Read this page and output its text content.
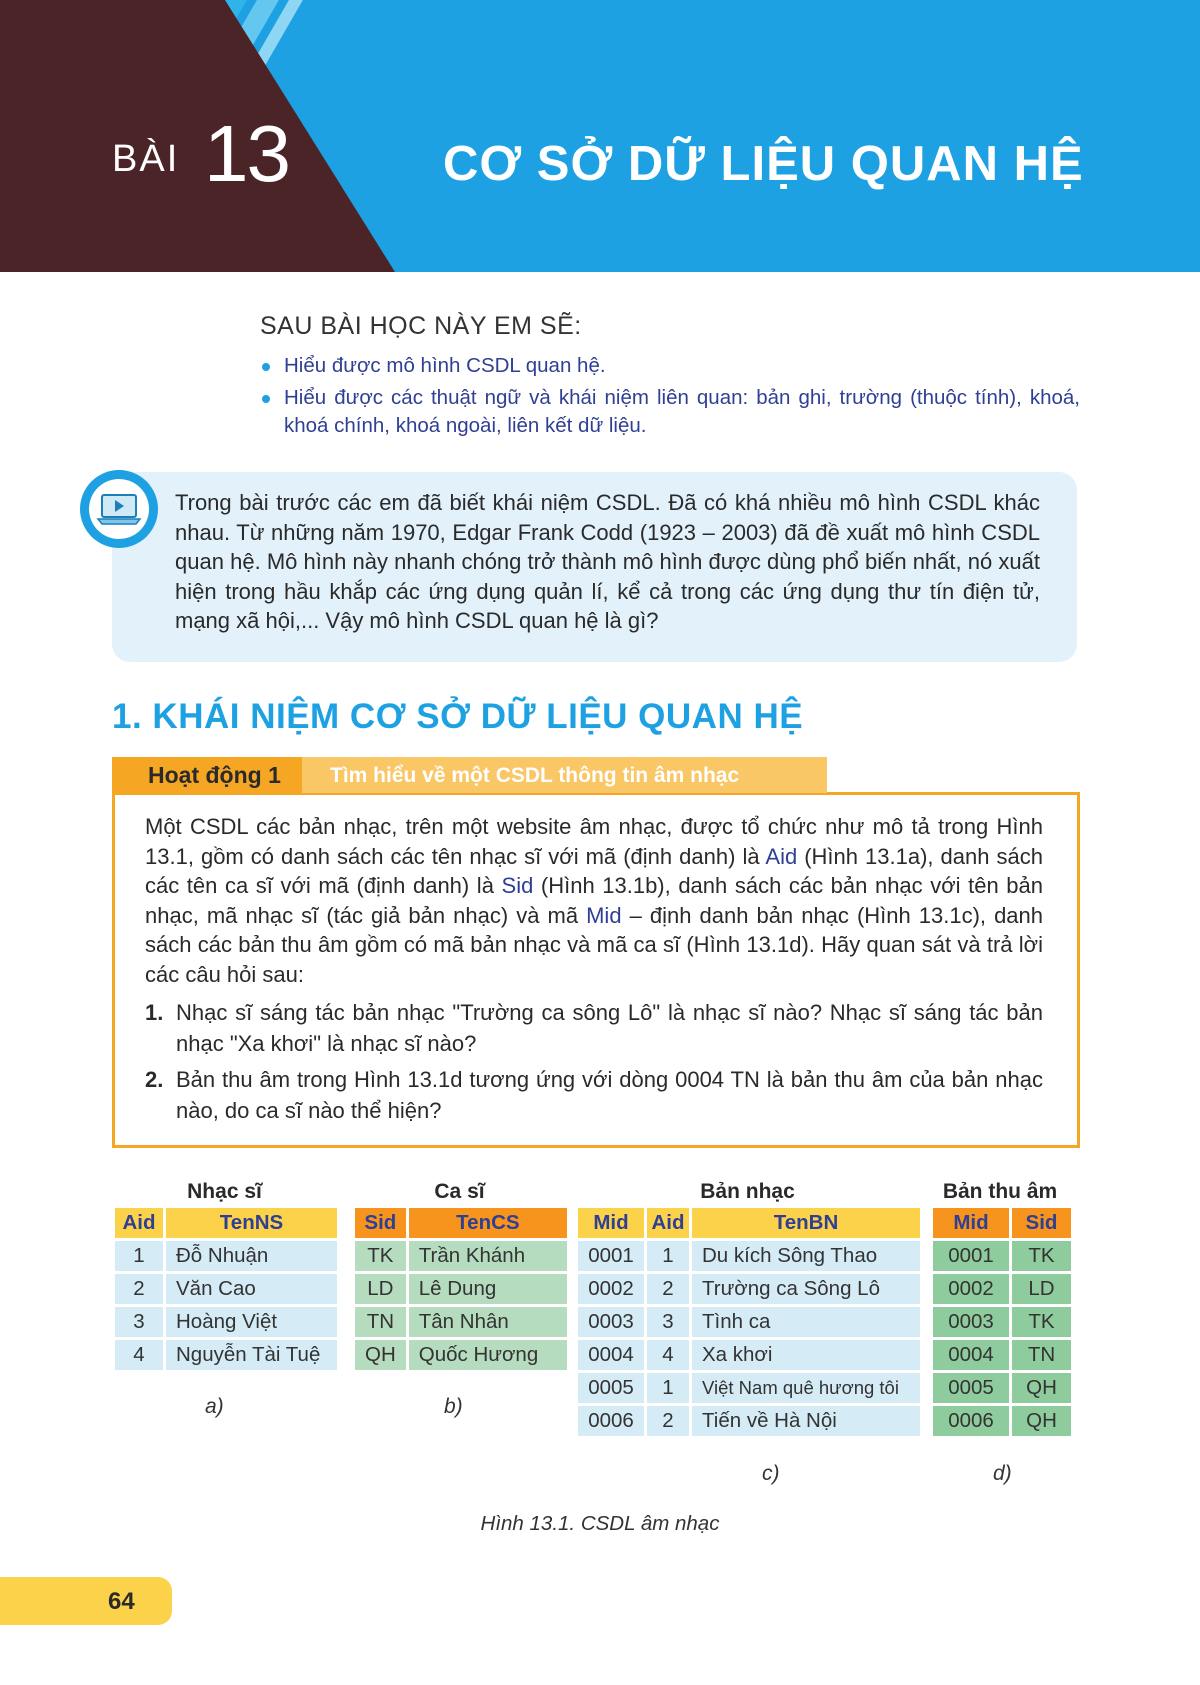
BÀI 13	CƠ SỞ DỮ LIỆU QUAN HỆ
SAU BÀI HỌC NÀY EM SẼ:
Hiểu được mô hình CSDL quan hệ.
Hiểu được các thuật ngữ và khái niệm liên quan: bản ghi, trường (thuộc tính), khoá, khoá chính, khoá ngoài, liên kết dữ liệu.
Trong bài trước các em đã biết khái niệm CSDL. Đã có khá nhiều mô hình CSDL khác nhau. Từ những năm 1970, Edgar Frank Codd (1923 – 2003) đã đề xuất mô hình CSDL quan hệ. Mô hình này nhanh chóng trở thành mô hình được dùng phổ biến nhất, nó xuất hiện trong hầu khắp các ứng dụng quản lí, kể cả trong các ứng dụng thư tín điện tử, mạng xã hội,... Vậy mô hình CSDL quan hệ là gì?
1. KHÁI NIỆM CƠ SỞ DỮ LIỆU QUAN HỆ
Hoạt động 1 Tìm hiểu về một CSDL thông tin âm nhạc
Một CSDL các bản nhạc, trên một website âm nhạc, được tổ chức như mô tả trong Hình 13.1, gồm có danh sách các tên nhạc sĩ với mã (định danh) là Aid (Hình 13.1a), danh sách các tên ca sĩ với mã (định danh) là Sid (Hình 13.1b), danh sách các bản nhạc với tên bản nhạc, mã nhạc sĩ (tác giả bản nhạc) và mã Mid – định danh bản nhạc (Hình 13.1c), danh sách các bản thu âm gồm có mã bản nhạc và mã ca sĩ (Hình 13.1d). Hãy quan sát và trả lời các câu hỏi sau:
1. Nhạc sĩ sáng tác bản nhạc "Trường ca sông Lô" là nhạc sĩ nào? Nhạc sĩ sáng tác bản nhạc "Xa khơi" là nhạc sĩ nào?
2. Bản thu âm trong Hình 13.1d tương ứng với dòng 0004 TN là bản thu âm của bản nhạc nào, do ca sĩ nào thể hiện?
Nhạc sĩ
Aid	TenNS
1	Đỗ Nhuận
2	Văn Cao
3	Hoàng Việt
4	Nguyễn Tài Tuệ
a)
Ca sĩ
Sid	TenCS
TK	Trần Khánh
LD	Lê Dung
TN	Tân Nhân
QH	Quốc Hương
b)
Bản nhạc
Mid	Aid	TenBN
0001	1	Du kích Sông Thao
0002	2	Trường ca Sông Lô
0003	3	Tình ca
0004	4	Xa khơi
0005	1	Việt Nam quê hương tôi
0006	2	Tiến về Hà Nội
c)
Bản thu âm
Mid	Sid
0001	TK
0002	LD
0003	TK
0004	TN
0005	QH
0006	QH
d)
Hình 13.1. CSDL âm nhạc
64
